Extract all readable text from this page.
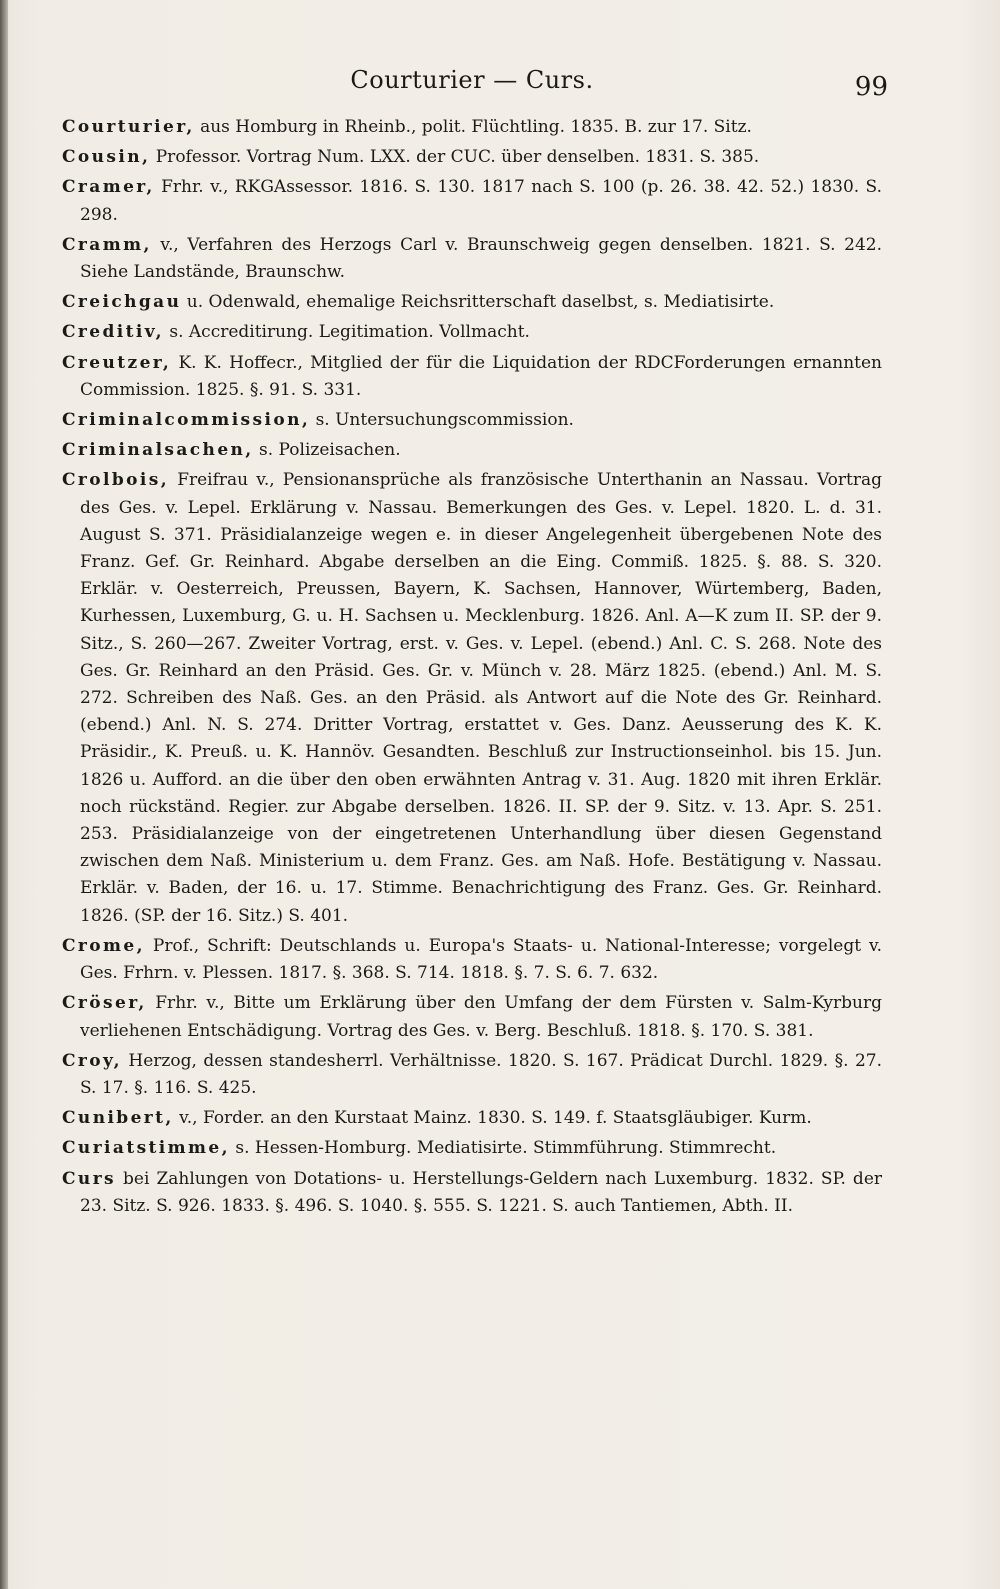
Courturier — Curs.	99

Courturier, aus Homburg in Rheinb., polit. Flüchtling. 1835. B. zur 17. Sitz.

Cousin, Professor. Vortrag Num. LXX. der CUC. über denselben. 1831. S. 385.

Cramer, Frhr. v., RKGAssessor. 1816. S. 130. 1817 nach S. 100 (p. 26. 38. 42. 52.) 1830. S. 298.

Cramm, v., Verfahren des Herzogs Carl v. Braunschweig gegen denselben. 1821. S. 242. Siehe Landstände, Braunschw.

Creichgau u. Odenwald, ehemalige Reichsritterschaft daselbst, s. Mediatisirte.

Creditiv, s. Accreditirung. Legitimation. Vollmacht.

Creutzer, K. K. Hoffecr., Mitglied der für die Liquidation der RDCForderungen ernannten Commission. 1825. §. 91. S. 331.

Criminalcommission, s. Untersuchungscommission.

Criminalsachen, s. Polizeisachen.

Crolbois, Freifrau v., Pensionansprüche als französische Unterthanin an Nassau. Vortrag des Ges. v. Lepel. Erklärung v. Nassau. Bemerkungen des Ges. v. Lepel. 1820. L. d. 31. August S. 371. Präsidialanzeige wegen e. in dieser Angelegenheit übergebenen Note des Franz. Gef. Gr. Reinhard. Abgabe derselben an die Eing. Commiß. 1825. §. 88. S. 320. Erklär. v. Oesterreich, Preussen, Bayern, K. Sachsen, Hannover, Würtemberg, Baden, Kurhessen, Luxemburg, G. u. H. Sachsen u. Mecklenburg. 1826. Anl. A—K zum II. SP. der 9. Sitz., S. 260—267. Zweiter Vortrag, erst. v. Ges. v. Lepel. (ebend.) Anl. C. S. 268. Note des Ges. Gr. Reinhard an den Präsid. Ges. Gr. v. Münch v. 28. März 1825. (ebend.) Anl. M. S. 272. Schreiben des Naß. Ges. an den Präsid. als Antwort auf die Note des Gr. Reinhard. (ebend.) Anl. N. S. 274. Dritter Vortrag, erstattet v. Ges. Danz. Aeusserung des K. K. Präsidir., K. Preuß. u. K. Hannöv. Gesandten. Beschluß zur Instructionseinhol. bis 15. Jun. 1826 u. Aufford. an die über den oben erwähnten Antrag v. 31. Aug. 1820 mit ihren Erklär. noch rückständ. Regier. zur Abgabe derselben. 1826. II. SP. der 9. Sitz. v. 13. Apr. S. 251. 253. Präsidialanzeige von der eingetretenen Unterhandlung über diesen Gegenstand zwischen dem Naß. Ministerium u. dem Franz. Ges. am Naß. Hofe. Bestätigung v. Nassau. Erklär. v. Baden, der 16. u. 17. Stimme. Benachrichtigung des Franz. Ges. Gr. Reinhard. 1826. (SP. der 16. Sitz.) S. 401.

Crome, Prof., Schrift: Deutschlands u. Europa's Staats- u. National-Interesse; vorgelegt v. Ges. Frhrn. v. Plessen. 1817. §. 368. S. 714. 1818. §. 7. S. 6. 7. 632.

Cröser, Frhr. v., Bitte um Erklärung über den Umfang der dem Fürsten v. Salm-Kyrburg verliehenen Entschädigung. Vortrag des Ges. v. Berg. Beschluß. 1818. §. 170. S. 381.

Croy, Herzog, dessen standesherrl. Verhältnisse. 1820. S. 167. Prädicat Durchl. 1829. §. 27. S. 17. §. 116. S. 425.

Cunibert, v., Forder. an den Kurstaat Mainz. 1830. S. 149. f. Staatsgläubiger. Kurm.

Curiatstimme, s. Hessen-Homburg. Mediatisirte. Stimmführung. Stimmrecht.

Curs bei Zahlungen von Dotations- u. Herstellungs-Geldern nach Luxemburg. 1832. SP. der 23. Sitz. S. 926. 1833. §. 496. S. 1040. §. 555. S. 1221. S. auch Tantiemen, Abth. II.
